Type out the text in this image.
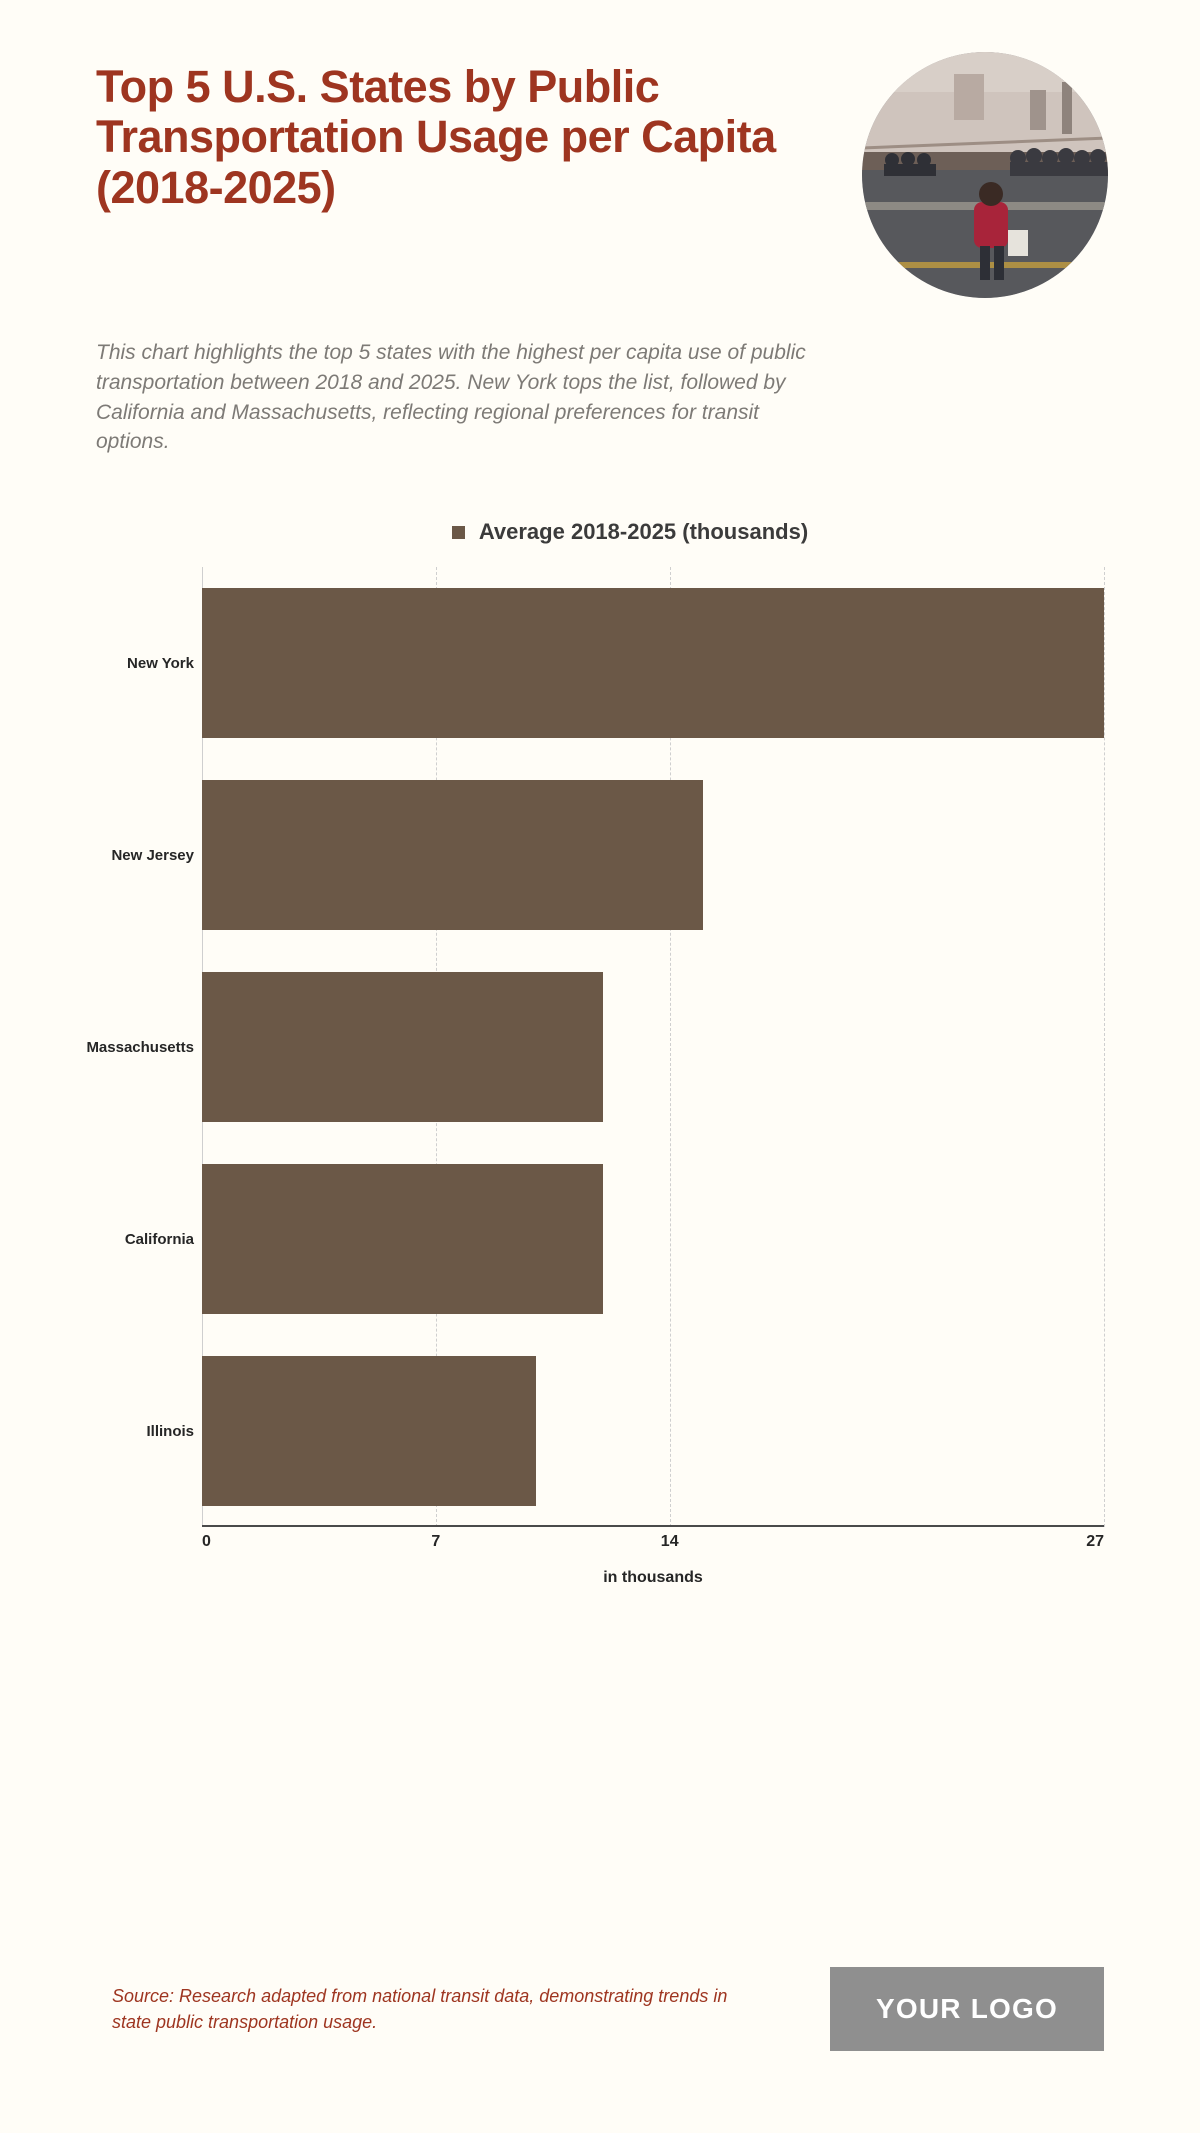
Top 5 U.S. States by Public Transportation Usage per Capita (2018-2025)

This chart highlights the top 5 states with the highest per capita use of public transportation between 2018 and 2025. New York tops the list, followed by California and Massachusetts, reflecting regional preferences for transit options.

Average 2018-2025 (thousands)
New York
New Jersey
Massachusetts
California
Illinois
0	7	14	27
in thousands
Source: Research adapted from national transit data, demonstrating trends in state public transportation usage.	YOUR LOGO
